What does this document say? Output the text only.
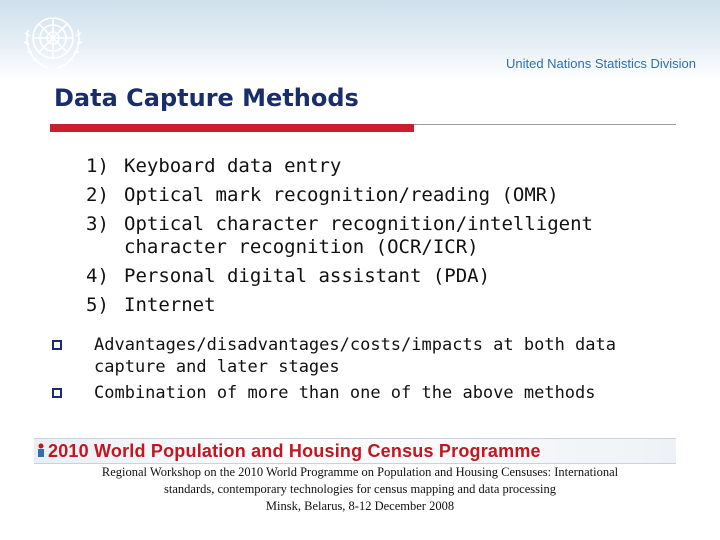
United Nations Statistics Division
Data Capture Methods
1) Keyboard data entry
2) Optical mark recognition/reading (OMR)
3) Optical character recognition/intelligent character recognition (OCR/ICR)
4) Personal digital assistant (PDA)
5) Internet
Advantages/disadvantages/costs/impacts at both data capture and later stages
Combination of more than one of the above methods
2010 World Population and Housing Census Programme
Regional Workshop on the 2010 World Programme on Population and Housing Censuses: International
standards, contemporary technologies for census mapping and data processing
Minsk, Belarus, 8-12 December 2008
